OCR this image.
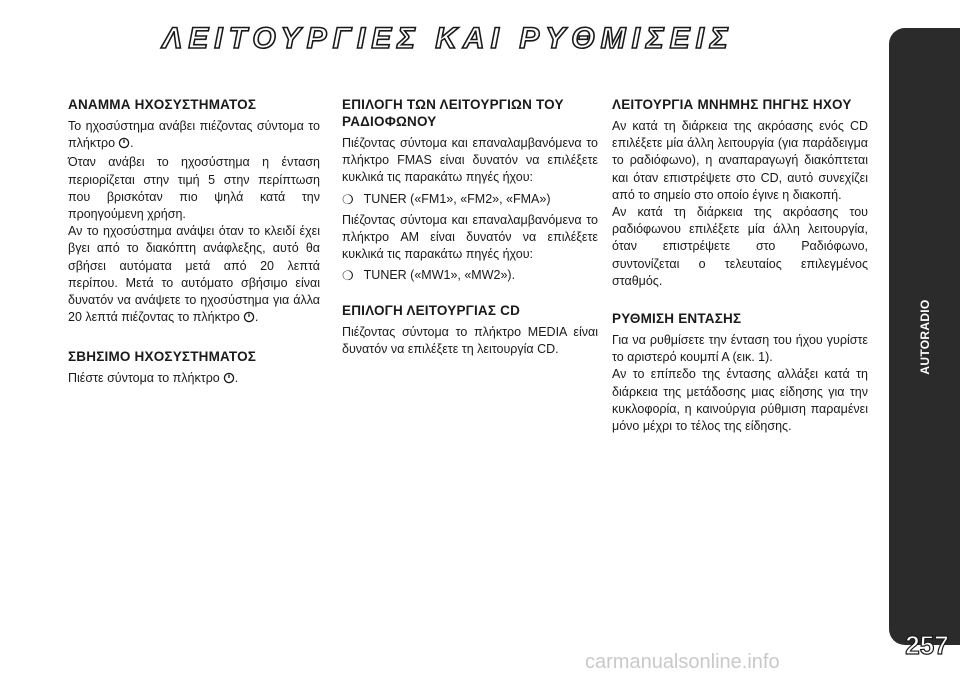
ΛΕΙΤΟΥΡΓΙΕΣ ΚΑΙ ΡΥΘΜΙΣΕΙΣ
AUTORADIO
257
carmanualsonline.info
ΑΝΑΜΜΑ ΗΧΟΣΥΣΤΗΜΑΤΟΣ

Το ηχοσύστημα ανάβει πιέζοντας σύντομα το πλήκτρο .

Όταν ανάβει το ηχοσύστημα η ένταση περιορίζεται στην τιμή 5 στην περίπτωση που βρισκόταν πιο ψηλά κατά την προηγούμενη χρήση.

Αν το ηχοσύστημα ανάψει όταν το κλειδί έχει βγει από το διακόπτη ανάφλεξης, αυτό θα σβήσει αυτόματα μετά από 20 λεπτά περίπου. Μετά το αυτόματο σβήσιμο είναι δυνατόν να ανάψετε το ηχοσύστημα για άλλα 20 λεπτά πιέζοντας το πλήκτρο .

ΣΒΗΣΙΜΟ ΗΧΟΣΥΣΤΗΜΑΤΟΣ

Πιέστε σύντομα το πλήκτρο .

ΕΠΙΛΟΓΗ ΤΩΝ ΛΕΙΤΟΥΡΓΙΩΝ ΤΟΥ ΡΑΔΙΟΦΩΝΟΥ

Πιέζοντας σύντομα και επαναλαμβανόμενα το πλήκτρο FMAS είναι δυνατόν να επιλέξετε κυκλικά τις παρακάτω πηγές ήχου:

❍ TUNER («FM1», «FM2», «FMA»)

Πιέζοντας σύντομα και επαναλαμβανόμενα το πλήκτρο AM είναι δυνατόν να επιλέξετε κυκλικά τις παρακάτω πηγές ήχου:

❍ TUNER («MW1», «MW2»).
ΕΠΙΛΟΓΗ ΛΕΙΤΟΥΡΓΙΑΣ CD

Πιέζοντας σύντομα το πλήκτρο MEDIA είναι δυνατόν να επιλέξετε τη λειτουργία CD.

ΛΕΙΤΟΥΡΓΙΑ ΜΝΗΜΗΣ ΠΗΓΗΣ ΗΧΟΥ

Αν κατά τη διάρκεια της ακρόασης ενός CD επιλέξετε μία άλλη λειτουργία (για παράδειγμα το ραδιόφωνο), η αναπαραγωγή διακόπτεται και όταν επιστρέψετε στο CD, αυτό συνεχίζει από το σημείο στο οποίο έγινε η διακοπή.

Αν κατά τη διάρκεια της ακρόασης του ραδιόφωνου επιλέξετε μία άλλη λειτουργία, όταν επιστρέψετε στο Ραδιόφωνο, συντονίζεται ο τελευταίος επιλεγμένος σταθμός.

ΡΥΘΜΙΣΗ ΕΝΤΑΣΗΣ

Για να ρυθμίσετε την ένταση του ήχου γυρίστε το αριστερό κουμπί Α (εικ. 1).

Αν το επίπεδο της έντασης αλλάξει κατά τη διάρκεια της μετάδοσης μιας είδησης για την κυκλοφορία, η καινούργια ρύθμιση παραμένει μόνο μέχρι το τέλος της είδησης.
